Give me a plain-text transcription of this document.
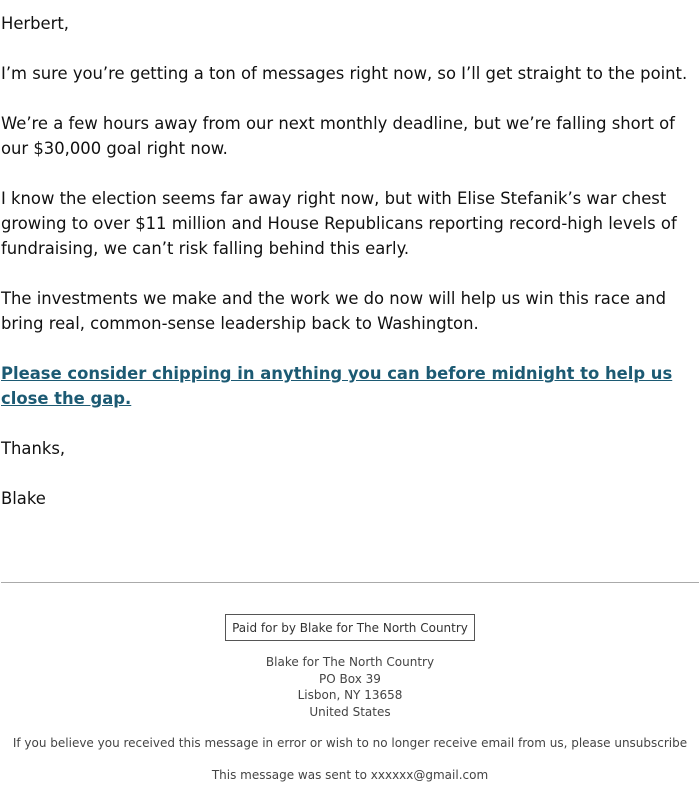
Herbert,

I’m sure you’re getting a ton of messages right now, so I’ll get straight to the point.

We’re a few hours away from our next monthly deadline, but we’re falling short of our $30,000 goal right now.

I know the election seems far away right now, but with Elise Stefanik’s war chest growing to over $11 million and House Republicans reporting record-high levels of fundraising, we can’t risk falling behind this early.

The investments we make and the work we do now will help us win this race and bring real, common-sense leadership back to Washington.

Please consider chipping in anything you can before midnight to help us close the gap.

Thanks,

Blake

Paid for by Blake for The North Country
Blake for The North Country
PO Box 39
Lisbon, NY 13658
United States
If you believe you received this message in error or wish to no longer receive email from us, please unsubscribe
This message was sent to xxxxxx@gmail.com
